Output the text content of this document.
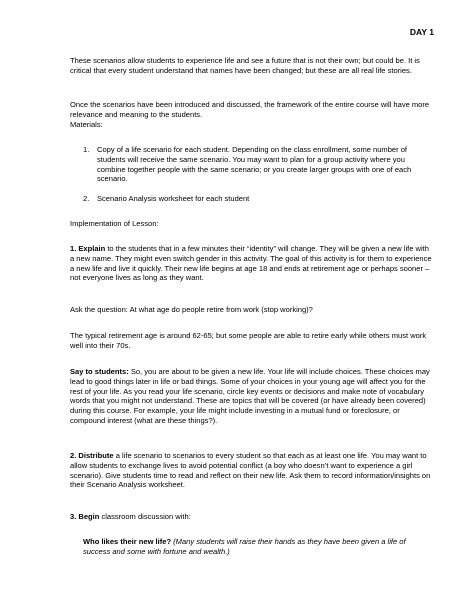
DAY 1

These scenarios allow students to experience life and see a future that is not their own; but could be. It is critical that every student understand that names have been changed; but these are all real life stories.

Once the scenarios have been introduced and discussed, the framework of the entire course will have more relevance and meaning to the students.

Materials:

1.	Copy of a life scenario for each student. Depending on the class enrollment, some number of students will receive the same scenario. You may want to plan for a group activity where you combine together people with the same scenario; or you create larger groups with one of each scenario.
2.	Scenario Analysis worksheet for each student

Implementation of Lesson:

1. Explain to the students that in a few minutes their “identity” will change. They will be given a new life with a new name. They might even switch gender in this activity. The goal of this activity is for them to experience a new life and live it quickly. Their new life begins at age 18 and ends at retirement age or perhaps sooner – not everyone lives as long as they want.

Ask the question: At what age do people retire from work (stop working)?

The typical retirement age is around 62-65; but some people are able to retire early while others must work well into their 70s.

Say to students: So, you are about to be given a new life. Your life will include choices. These choices may lead to good things later in life or bad things. Some of your choices in your young age will affect you for the rest of your life. As you read your life scenario, circle key events or decisions and make note of vocabulary words that you might not understand. These are topics that will be covered (or have already been covered) during this course. For example, your life might include investing in a mutual fund or foreclosure, or compound interest (what are these things?).

2. Distribute a life scenario to scenarios to every student so that each as at least one life. You may want to allow students to exchange lives to avoid potential conflict (a boy who doesn’t want to experience a girl scenario). Give students time to read and reflect on their new life. Ask them to record information/insights on their Scenario Analysis worksheet.

3. Begin classroom discussion with:

Who likes their new life? (Many students will raise their hands as they have been given a life of success and some with fortune and wealth.)
